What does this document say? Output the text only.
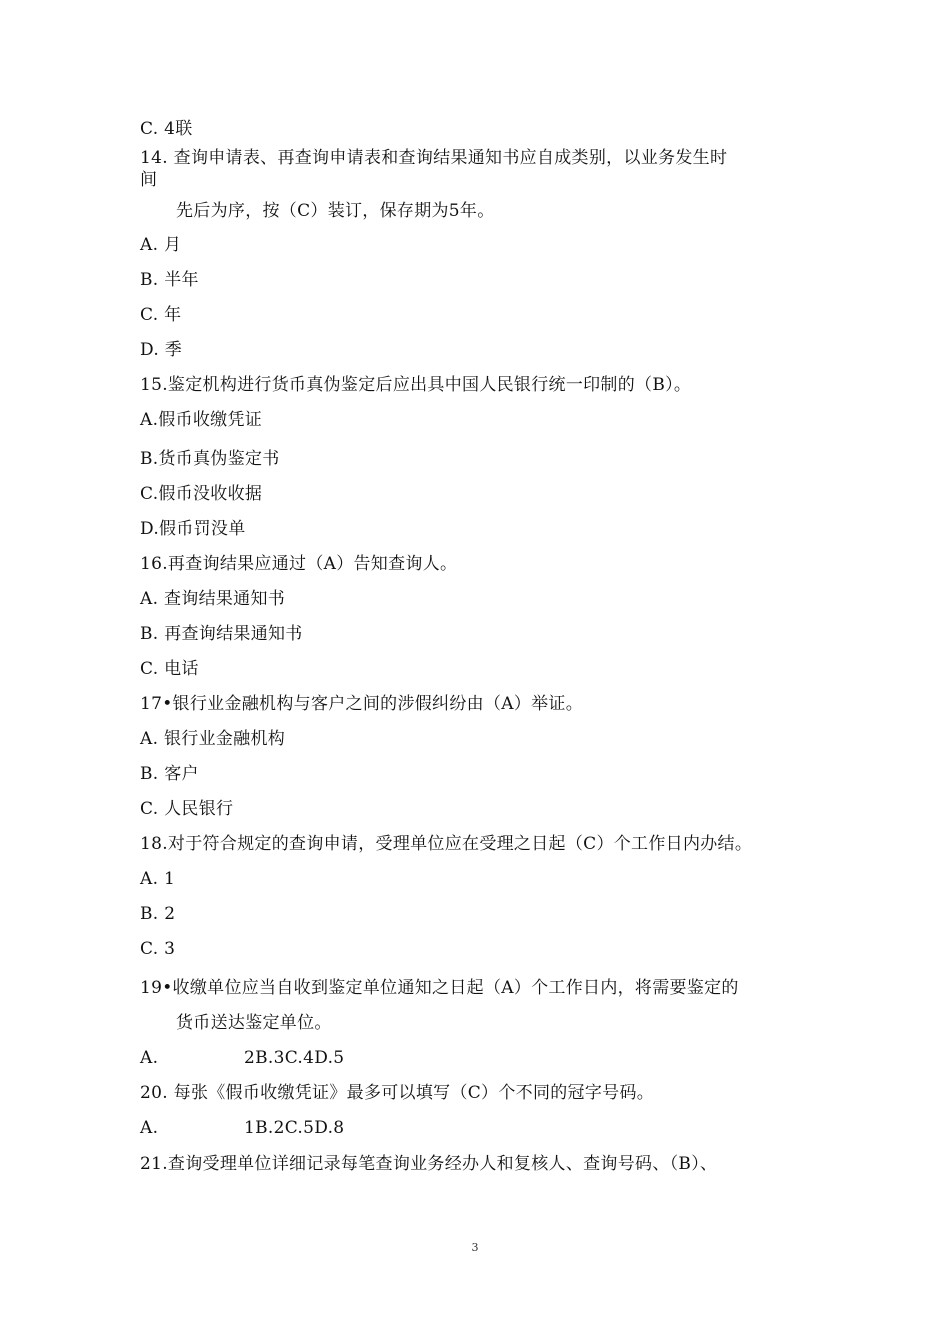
C. 4联
14. 查询申请表、再查询申请表和查询结果通知书应自成类别，以业务发生时
间
先后为序，按（C）装订，保存期为5年。
A. 月
B. 半年
C. 年
D. 季
15.鉴定机构进行货币真伪鉴定后应出具中国人民银行统一印制的（B）。
A.假币收缴凭证
B.货币真伪鉴定书
C.假币没收收据
D.假币罚没单
16.再查询结果应通过（A）告知查询人。
A. 查询结果通知书
B. 再查询结果通知书
C. 电话
17•银行业金融机构与客户之间的涉假纠纷由（A）举证。
A. 银行业金融机构
B. 客户
C. 人民银行
18.对于符合规定的查询申请，受理单位应在受理之日起（C）个工作日内办结。
A. 1
B. 2
C. 3
19•收缴单位应当自收到鉴定单位通知之日起（A）个工作日内，将需要鉴定的
货币送达鉴定单位。
A.	2B.3C.4D.5
20. 每张《假币收缴凭证》最多可以填写（C）个不同的冠字号码。
A.	1B.2C.5D.8
21.查询受理单位详细记录每笔查询业务经办人和复核人、查询号码、（B）、
3
